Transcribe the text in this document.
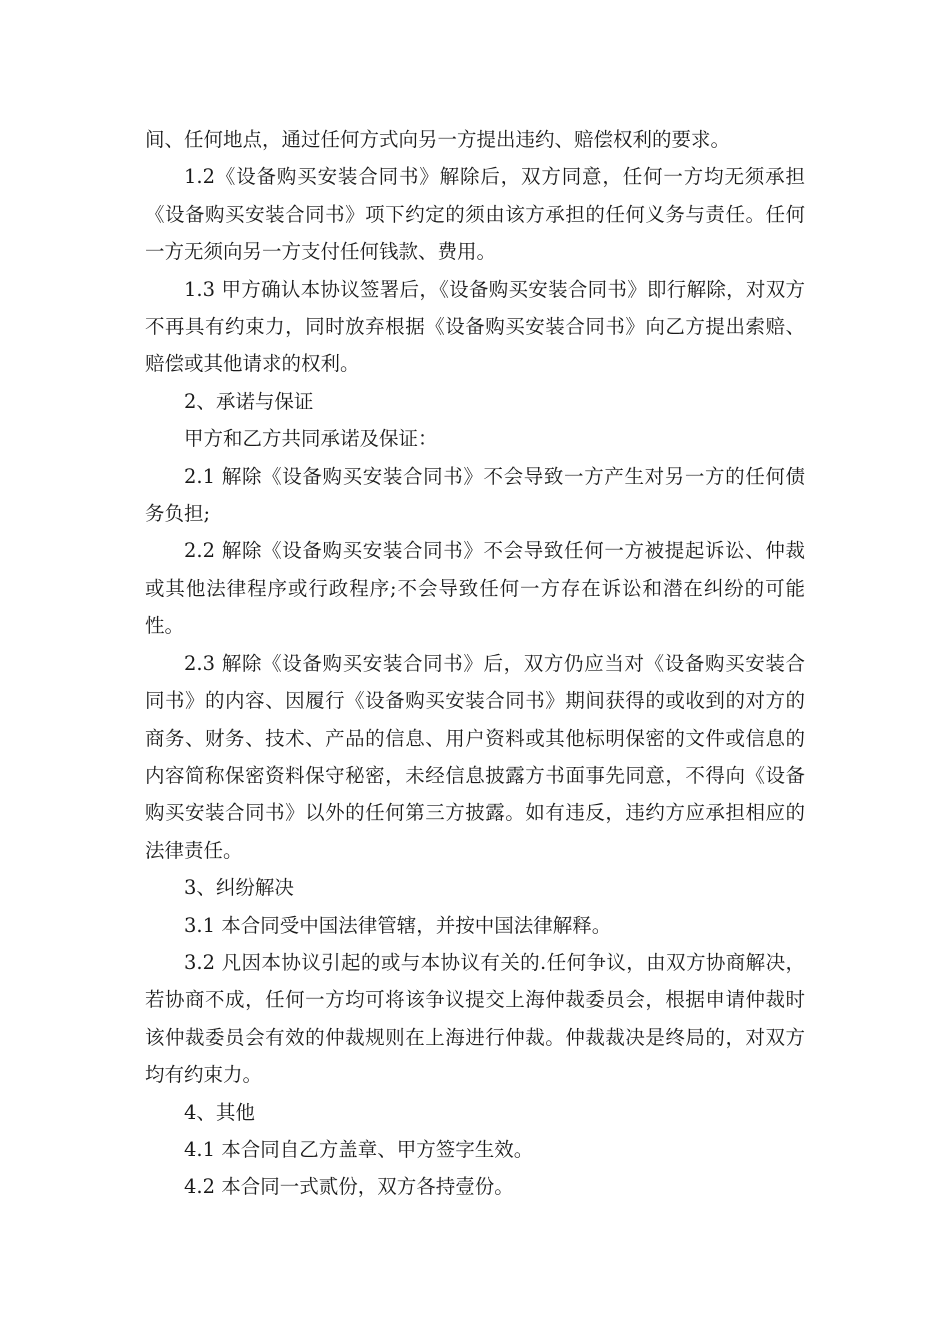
间、任何地点，通过任何方式向另一方提出违约、赔偿权利的要求。

1.2《设备购买安装合同书》解除后，双方同意，任何一方均无须承担《设备购买安装合同书》项下约定的须由该方承担的任何义务与责任。任何一方无须向另一方支付任何钱款、费用。

1.3 甲方确认本协议签署后，《设备购买安装合同书》即行解除，对双方不再具有约束力，同时放弃根据《设备购买安装合同书》向乙方提出索赔、赔偿或其他请求的权利。

2、承诺与保证

甲方和乙方共同承诺及保证：

2.1 解除《设备购买安装合同书》不会导致一方产生对另一方的任何债务负担;

2.2 解除《设备购买安装合同书》不会导致任何一方被提起诉讼、仲裁或其他法律程序或行政程序;不会导致任何一方存在诉讼和潜在纠纷的可能性。

2.3 解除《设备购买安装合同书》后，双方仍应当对《设备购买安装合同书》的内容、因履行《设备购买安装合同书》期间获得的或收到的对方的商务、财务、技术、产品的信息、用户资料或其他标明保密的文件或信息的内容简称保密资料保守秘密，未经信息披露方书面事先同意，不得向《设备购买安装合同书》以外的任何第三方披露。如有违反，违约方应承担相应的法律责任。

3、纠纷解决

3.1 本合同受中国法律管辖，并按中国法律解释。

3.2 凡因本协议引起的或与本协议有关的.任何争议，由双方协商解决，若协商不成，任何一方均可将该争议提交上海仲裁委员会，根据申请仲裁时该仲裁委员会有效的仲裁规则在上海进行仲裁。仲裁裁决是终局的，对双方均有约束力。

4、其他

4.1 本合同自乙方盖章、甲方签字生效。

4.2 本合同一式贰份，双方各持壹份。
